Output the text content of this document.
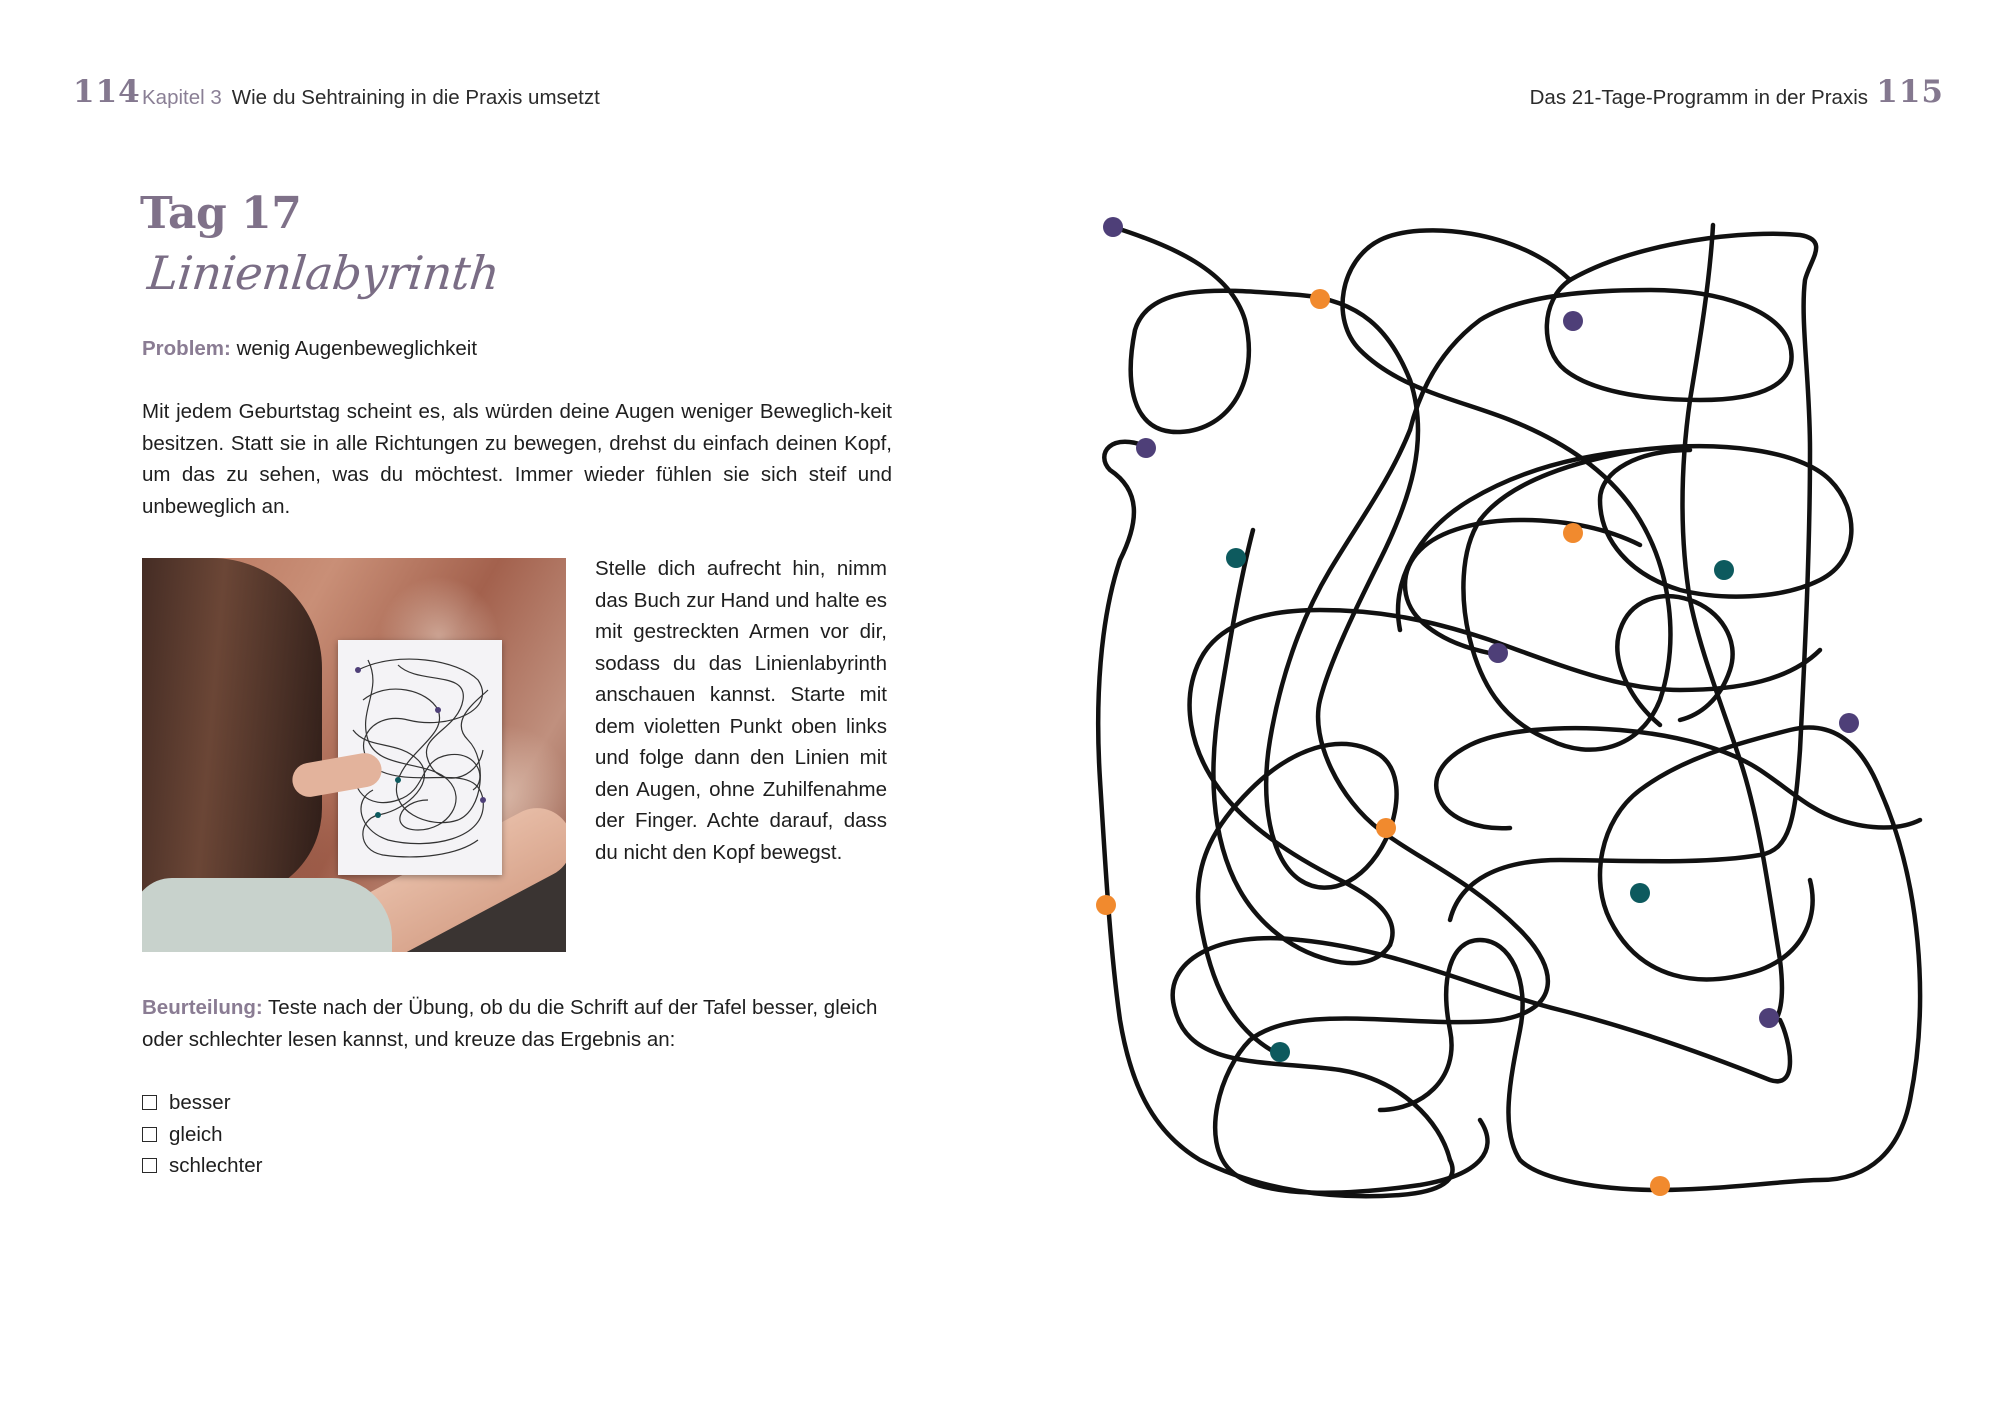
114 Kapitel 3 Wie du Sehtraining in die Praxis umsetzt	Das 21-Tage-Programm in der Praxis 115
Tag 17
Linienlabyrinth
Problem: wenig Augenbeweglichkeit
Mit jedem Geburtstag scheint es, als würden deine Augen weniger Beweglich-keit besitzen. Statt sie in alle Richtungen zu bewegen, drehst du einfach deinen Kopf, um das zu sehen, was du möchtest. Immer wieder fühlen sie sich steif und unbeweglich an.
Stelle dich aufrecht hin, nimm das Buch zur Hand und halte es mit gestreckten Armen vor dir, sodass du das Linienlabyrinth anschauen kannst. Starte mit dem violetten Punkt oben links und folge dann den Linien mit den Augen, ohne Zuhilfenahme der Finger. Achte darauf, dass du nicht den Kopf bewegst.
Beurteilung: Teste nach der Übung, ob du die Schrift auf der Tafel besser, gleich oder schlechter lesen kannst, und kreuze das Ergebnis an:
besser
gleich
schlechter
